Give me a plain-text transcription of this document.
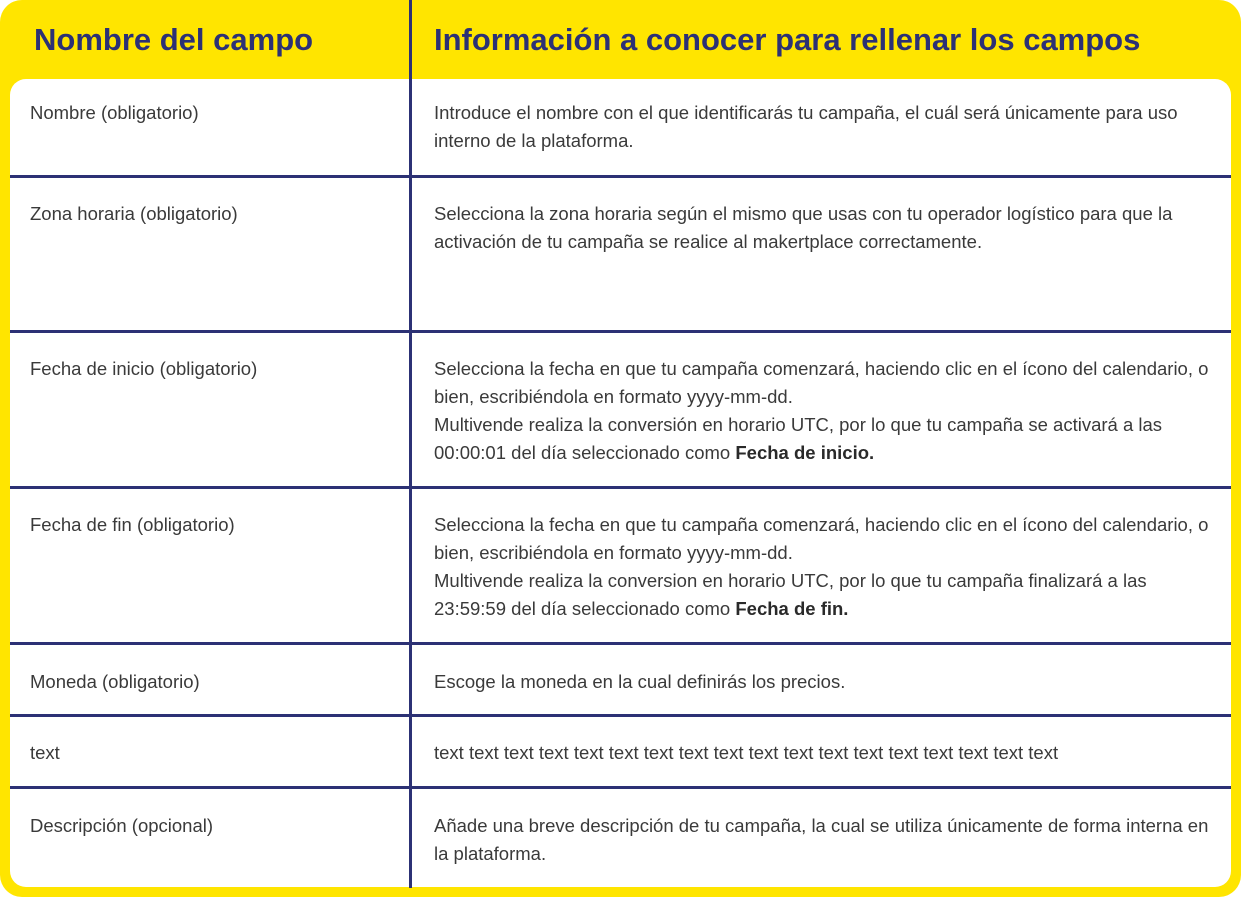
Nombre del campo	Información a conocer para rellenar los campos
Nombre (obligatorio)	Introduce el nombre con el que identificarás tu campaña, el cuál será únicamente para uso interno de la plataforma.
Zona horaria (obligatorio)	Selecciona la zona horaria según el mismo que usas con tu operador logístico para que la activación de tu campaña se realice al makertplace correctamente.
Fecha de inicio (obligatorio)	Selecciona la fecha en que tu campaña comenzará, haciendo clic en el ícono del calendario, o bien, escribiéndola en formato yyyy-mm-dd.
Multivende realiza la conversión en horario UTC, por lo que tu campaña se activará a las 00:00:01 del día seleccionado como Fecha de inicio.
Fecha de fin (obligatorio)	Selecciona la fecha en que tu campaña comenzará, haciendo clic en el ícono del calendario, o bien, escribiéndola en formato yyyy-mm-dd.
Multivende realiza la conversion en horario UTC, por lo que tu campaña finalizará a las 23:59:59 del día seleccionado como Fecha de fin.
Moneda (obligatorio)	Escoge la moneda en la cual definirás los precios.
text	text text text text text text text text text text text text text text text text text text
Descripción (opcional)	Añade una breve descripción de tu campaña, la cual se utiliza únicamente de forma interna en la plataforma.
